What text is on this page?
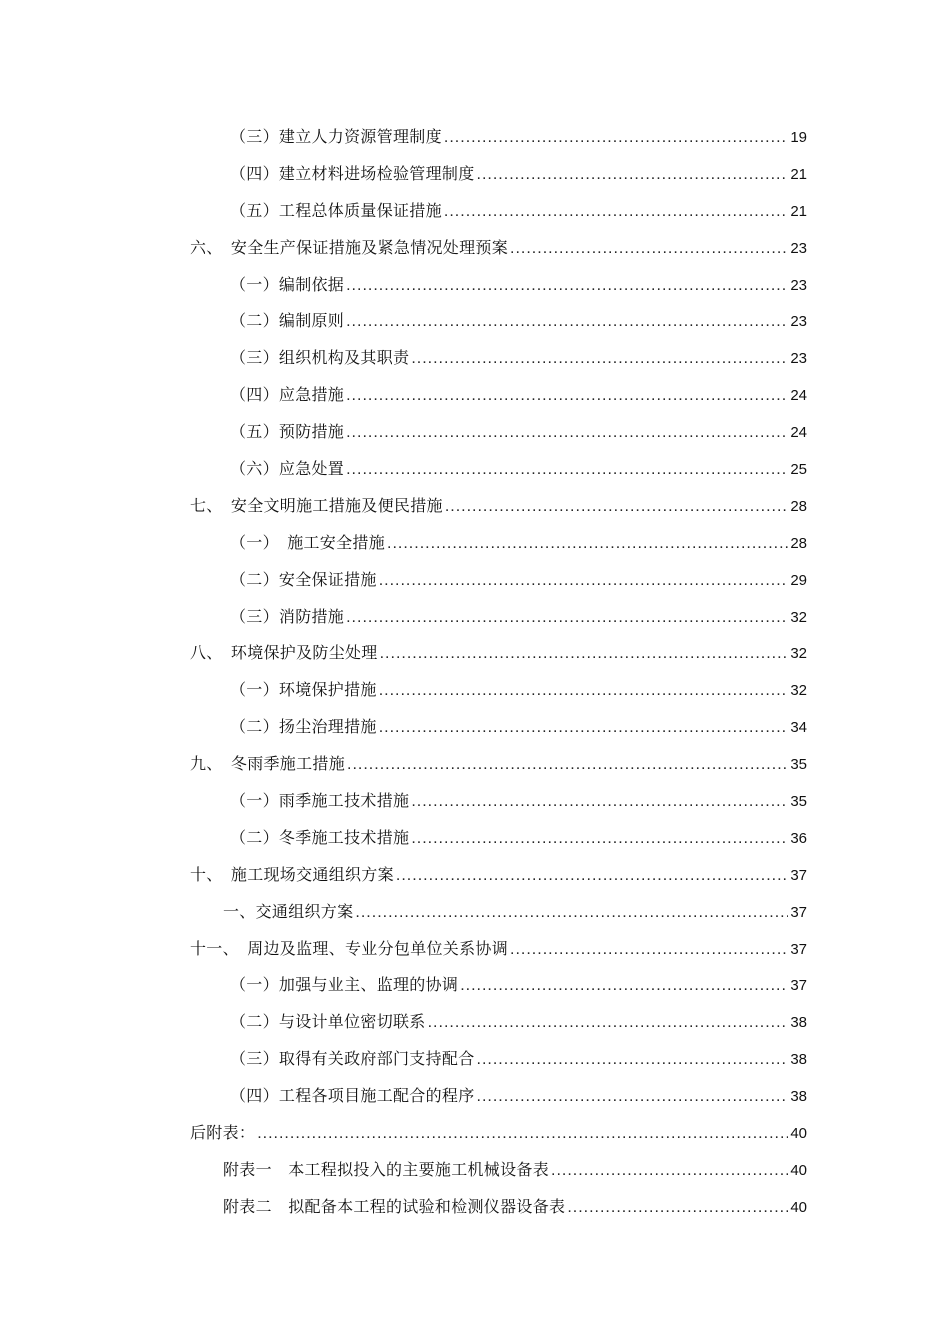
（三）建立人力资源管理制度 .....	19
（四）建立材料进场检验管理制度 .....	21
（五）工程总体质量保证措施 .....	21
六、　安全生产保证措施及紧急情况处理预案 .....	23
（一）编制依据 .....	23
（二）编制原则 .....	23
（三）组织机构及其职责 .....	23
（四）应急措施 .....	24
（五）预防措施 .....	24
（六）应急处置 .....	25
七、　安全文明施工措施及便民措施 .....	28
（一）　施工安全措施 .....	28
（二）安全保证措施 .....	29
（三）消防措施 .....	32
八、　环境保护及防尘处理 .....	32
（一）环境保护措施 .....	32
（二）扬尘治理措施 .....	34
九、　冬雨季施工措施 .....	35
（一）雨季施工技术措施 .....	35
（二）冬季施工技术措施 .....	36
十、　施工现场交通组织方案 .....	37
一、交通组织方案 .....	37
十一、　周边及监理、专业分包单位关系协调 .....	37
（一）加强与业主、监理的协调 .....	37
（二）与设计单位密切联系 .....	38
（三）取得有关政府部门支持配合 .....	38
（四）工程各项目施工配合的程序 .....	38
后附表： .....	40
附表一　本工程拟投入的主要施工机械设备表 .....	40
附表二　拟配备本工程的试验和检测仪器设备表 .....	40
